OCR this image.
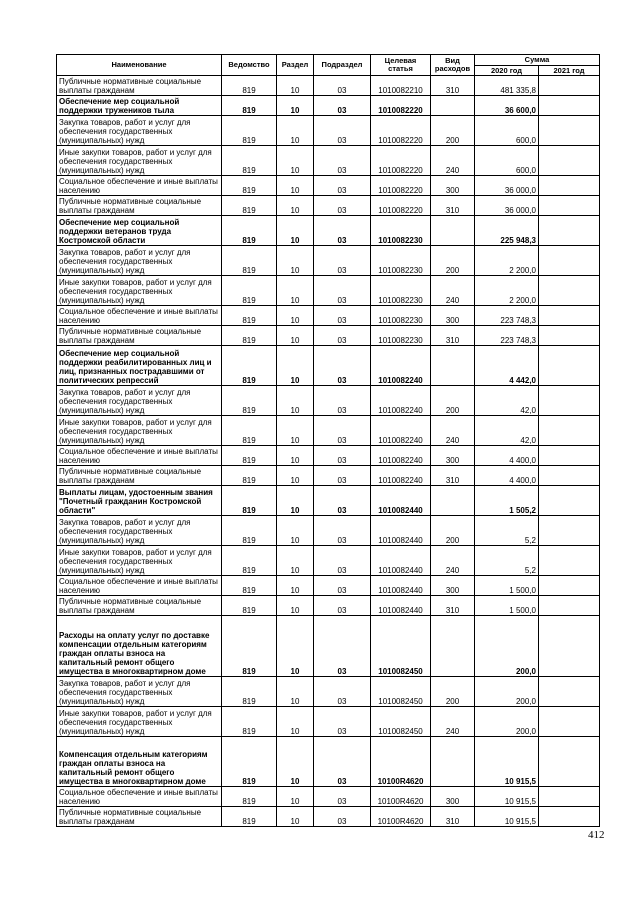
Наименование	Ведомство	Раздел	Подраздел	Целевая статья	Вид расходов	Сумма	
						2020 год	2021 год
Публичные нормативные социальные выплаты гражданам	819	10	03	1010082210	310	481 335,8	
Обеспечение мер социальной поддержки тружеников тыла	819	10	03	1010082220		36 600,0	
Закупка товаров, работ и услуг для обеспечения государственных (муниципальных) нужд	819	10	03	1010082220	200	600,0	
Иные закупки товаров, работ и услуг для обеспечения государственных (муниципальных) нужд	819	10	03	1010082220	240	600,0	
Социальное обеспечение и иные выплаты населению	819	10	03	1010082220	300	36 000,0	
Публичные нормативные социальные выплаты гражданам	819	10	03	1010082220	310	36 000,0	
Обеспечение мер социальной поддержки ветеранов труда Костромской области	819	10	03	1010082230		225 948,3	
Закупка товаров, работ и услуг для обеспечения государственных (муниципальных) нужд	819	10	03	1010082230	200	2 200,0	
Иные закупки товаров, работ и услуг для обеспечения государственных (муниципальных) нужд	819	10	03	1010082230	240	2 200,0	
Социальное обеспечение и иные выплаты населению	819	10	03	1010082230	300	223 748,3	
Публичные нормативные социальные выплаты гражданам	819	10	03	1010082230	310	223 748,3	
Обеспечение мер социальной поддержки реабилитированных лиц и лиц, признанных пострадавшими от политических репрессий	819	10	03	1010082240		4 442,0	
Закупка товаров, работ и услуг для обеспечения государственных (муниципальных) нужд	819	10	03	1010082240	200	42,0	
Иные закупки товаров, работ и услуг для обеспечения государственных (муниципальных) нужд	819	10	03	1010082240	240	42,0	
Социальное обеспечение и иные выплаты населению	819	10	03	1010082240	300	4 400,0	
Публичные нормативные социальные выплаты гражданам	819	10	03	1010082240	310	4 400,0	
Выплаты лицам, удостоенным звания "Почетный гражданин Костромской области"	819	10	03	1010082440		1 505,2	
Закупка товаров, работ и услуг для обеспечения государственных (муниципальных) нужд	819	10	03	1010082440	200	5,2	
Иные закупки товаров, работ и услуг для обеспечения государственных (муниципальных) нужд	819	10	03	1010082440	240	5,2	
Социальное обеспечение и иные выплаты населению	819	10	03	1010082440	300	1 500,0	
Публичные нормативные социальные выплаты гражданам	819	10	03	1010082440	310	1 500,0	
Расходы на оплату услуг по доставке компенсации отдельным категориям граждан оплаты взноса на капитальный ремонт общего имущества в многоквартирном доме	819	10	03	1010082450		200,0	
Закупка товаров, работ и услуг для обеспечения государственных (муниципальных) нужд	819	10	03	1010082450	200	200,0	
Иные закупки товаров, работ и услуг для обеспечения государственных (муниципальных) нужд	819	10	03	1010082450	240	200,0	
Компенсация отдельным категориям граждан оплаты взноса на капитальный ремонт общего имущества в многоквартирном доме	819	10	03	10100R4620		10 915,5	
Социальное обеспечение и иные выплаты населению	819	10	03	10100R4620	300	10 915,5	
Публичные нормативные социальные выплаты гражданам	819	10	03	10100R4620	310	10 915,5	
412
